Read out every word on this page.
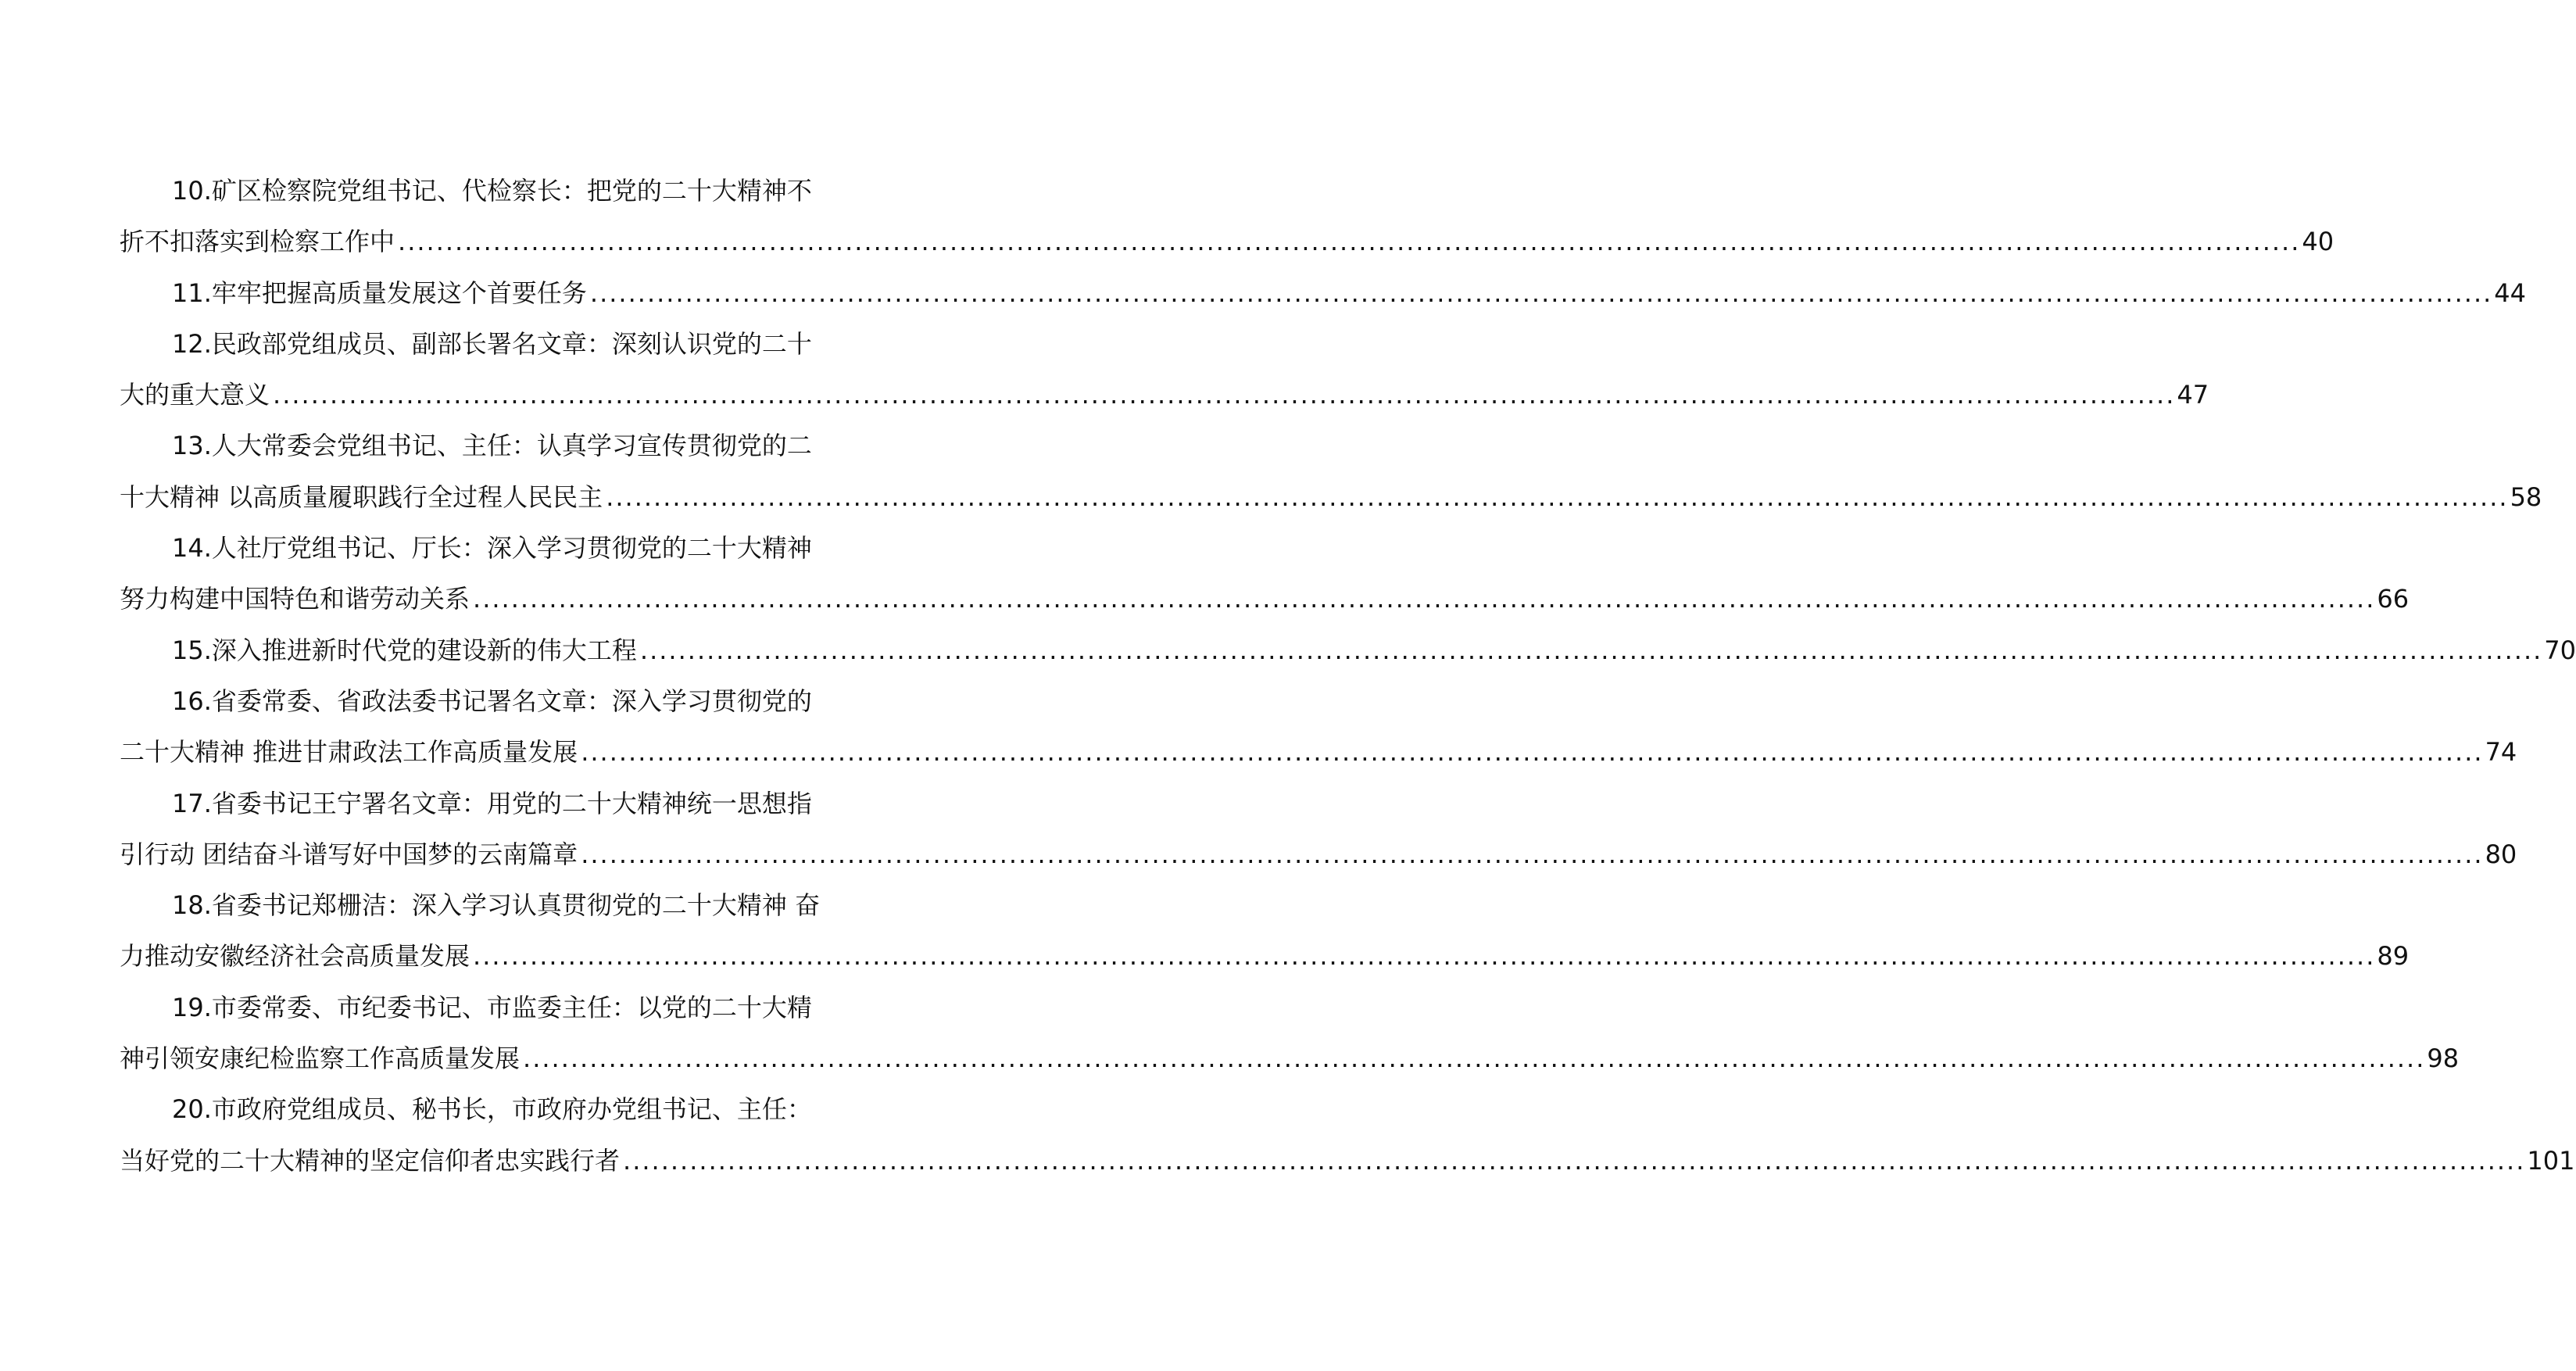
10.矿区检察院党组书记、代检察长：把党的二十大精神不
折不扣落实到检察工作中 ........................................................................................................................................................................................................ 40
11.牢牢把握高质量发展这个首要任务 ........................................................................................................................................................................................................ 44
12.民政部党组成员、副部长署名文章：深刻认识党的二十
大的重大意义 ........................................................................................................................................................................................................ 47
13.人大常委会党组书记、主任：认真学习宣传贯彻党的二
十大精神 以高质量履职践行全过程人民民主 ........................................................................................................................................................................................................ 58
14.人社厅党组书记、厅长：深入学习贯彻党的二十大精神
努力构建中国特色和谐劳动关系 ........................................................................................................................................................................................................ 66
15.深入推进新时代党的建设新的伟大工程 ........................................................................................................................................................................................................ 70
16.省委常委、省政法委书记署名文章：深入学习贯彻党的
二十大精神 推进甘肃政法工作高质量发展 ........................................................................................................................................................................................................ 74
17.省委书记王宁署名文章：用党的二十大精神统一思想指
引行动 团结奋斗谱写好中国梦的云南篇章 ........................................................................................................................................................................................................ 80
18.省委书记郑栅洁：深入学习认真贯彻党的二十大精神 奋
力推动安徽经济社会高质量发展 ........................................................................................................................................................................................................ 89
19.市委常委、市纪委书记、市监委主任：以党的二十大精
神引领安康纪检监察工作高质量发展 ........................................................................................................................................................................................................ 98
20.市政府党组成员、秘书长，市政府办党组书记、主任：
当好党的二十大精神的坚定信仰者忠实践行者 ........................................................................................................................................................................................................ 101
